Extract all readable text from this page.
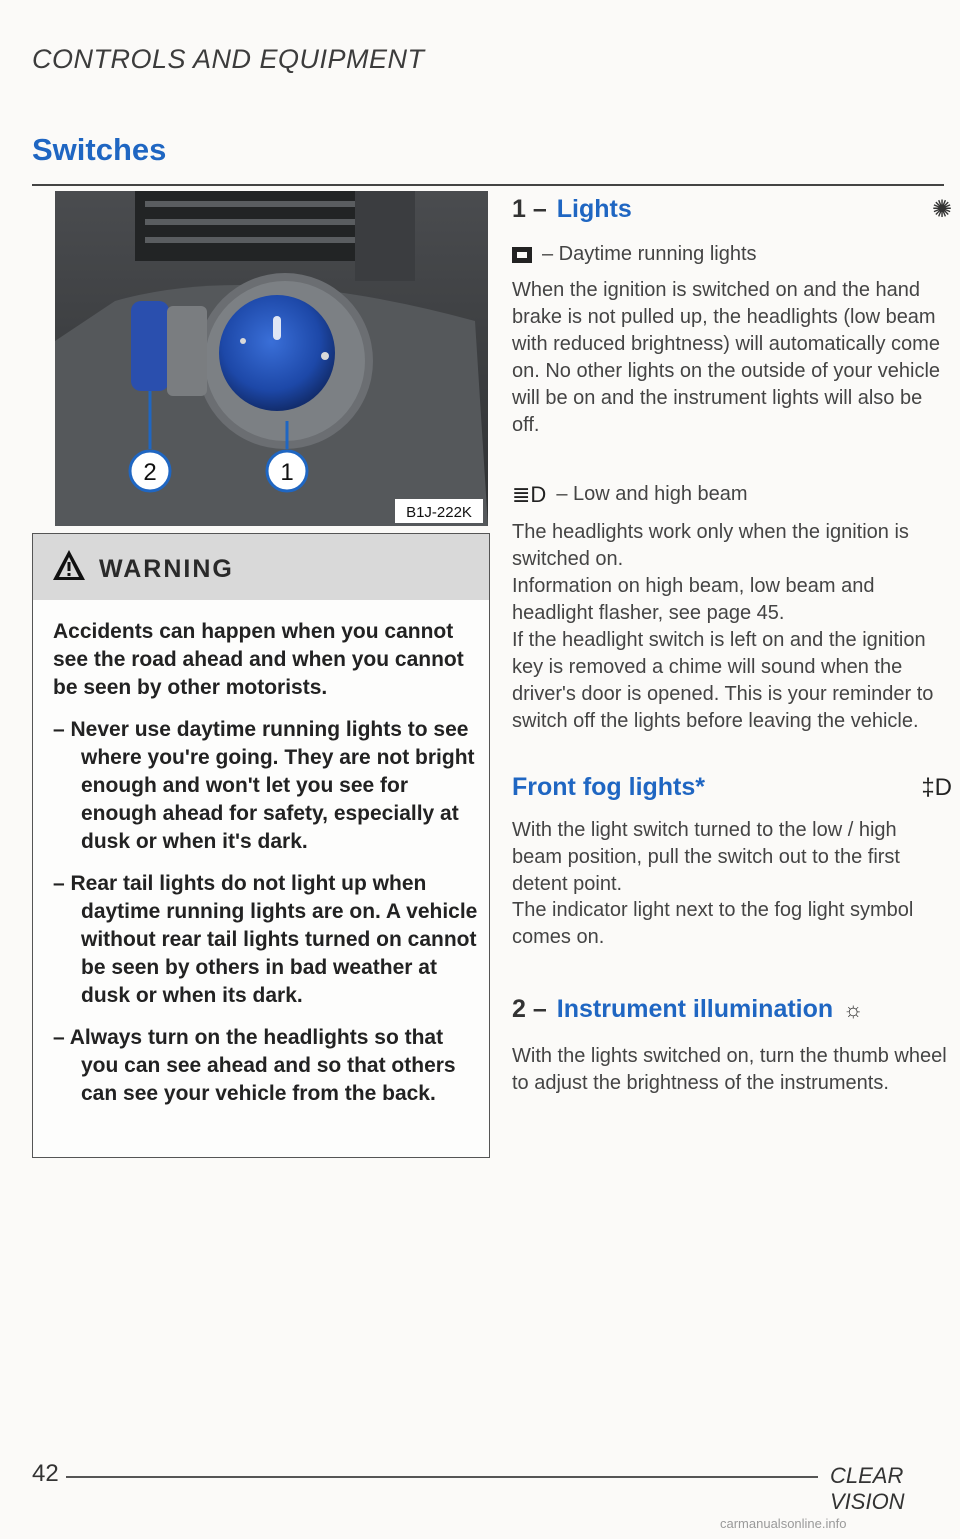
CONTROLS AND EQUIPMENT
Switches
2	1
B1J-222K
WARNING

Accidents can happen when you cannot see the road ahead and when you cannot be seen by other motorists.

– Never use daytime running lights to see where you're going. They are not bright enough and won't let you see for enough ahead for safety, especially at dusk or when it's dark.

– Rear tail lights do not light up when daytime running lights are on. A vehicle without rear tail lights turned on cannot be seen by others in bad weather at dusk or when its dark.

– Always turn on the headlights so that you can see ahead and so that others can see your vehicle from the back.

1 – Lights	✺
– Daytime running lights

When the ignition is switched on and the hand brake is not pulled up, the headlights (low beam with reduced brightness) will automatically come on. No other lights on the outside of your vehicle will be on and the instrument lights will also be off.

≣D – Low and high beam

The headlights work only when the ignition is switched on.

Information on high beam, low beam and headlight flasher, see page 45.

If the headlight switch is left on and the ignition key is removed a chime will sound when the driver's door is opened. This is your reminder to switch off the lights before leaving the vehicle.

Front fog lights*	‡D

With the light switch turned to the low / high beam position, pull the switch out to the first detent point.

The indicator light next to the fog light symbol comes on.

2 – Instrument illumination ☼

With the lights switched on, turn the thumb wheel to adjust the brightness of the instruments.

42	CLEAR VISION
carmanualsonline.info
